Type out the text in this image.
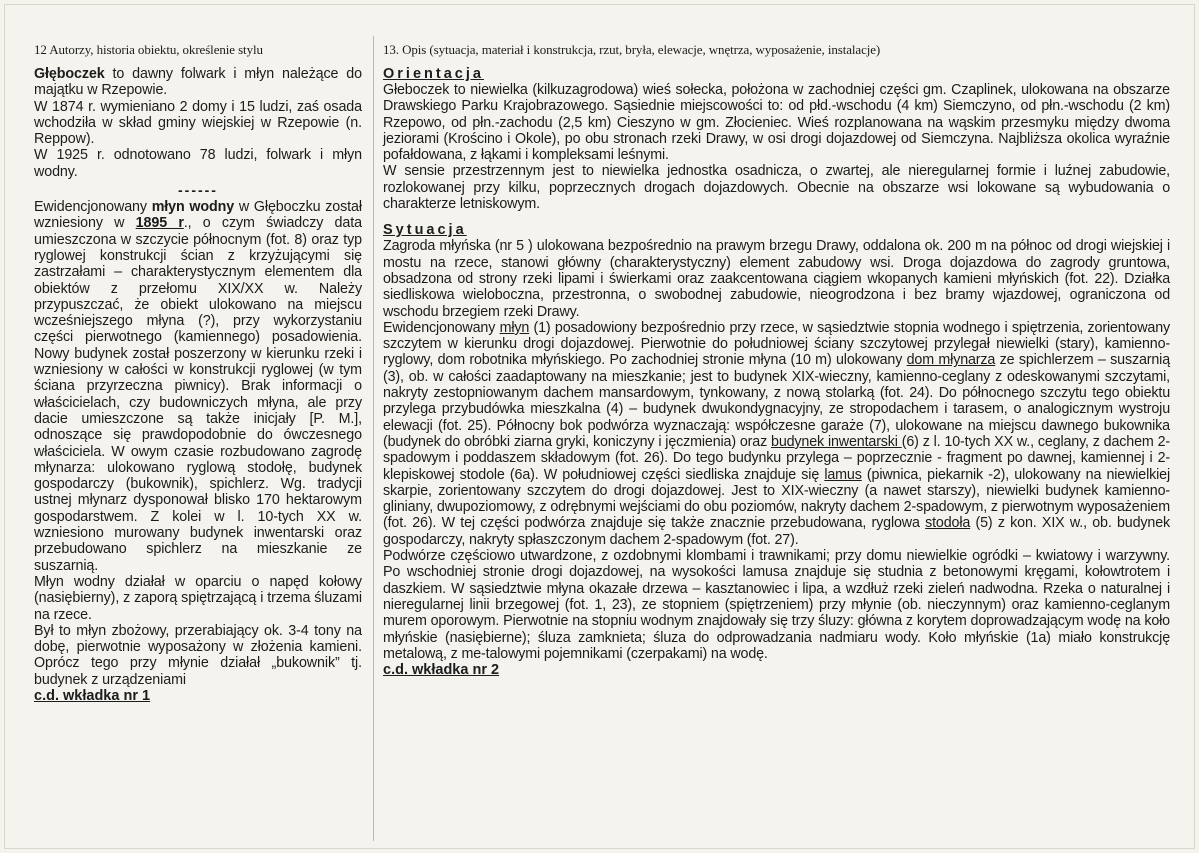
12 Autorzy, historia obiektu, określenie stylu

Głęboczek to dawny folwark i młyn należące do majątku w Rzepowie.

W 1874 r. wymieniano 2 domy i 15 ludzi, zaś osada wchodziła w skład gminy wiejskiej w Rzepowie (n. Reppow).

W 1925 r. odnotowano 78 ludzi, folwark i młyn wodny.

------

Ewidencjonowany młyn wodny w Głęboczku został wzniesiony w 1895 r., o czym świadczy data umieszczona w szczycie północnym (fot. 8) oraz typ ryglowej konstrukcji ścian z krzyżującymi się zastrzałami – charakterystycznym elementem dla obiektów z przełomu XIX/XX w. Należy przypuszczać, że obiekt ulokowano na miejscu wcześniejszego młyna (?), przy wykorzystaniu części pierwotnego (kamiennego) posadowienia. Nowy budynek został poszerzony w kierunku rzeki i wzniesiony w całości w konstrukcji ryglowej (w tym ściana przyrzeczna piwnicy). Brak informacji o właścicielach, czy budowniczych młyna, ale przy dacie umieszczone są także inicjały [P. M.], odnoszące się prawdopodobnie do ówczesnego właściciela. W owym czasie rozbudowano zagrodę młynarza: ulokowano ryglową stodołę, budynek gospodarczy (bukownik), spichlerz. Wg. tradycji ustnej młynarz dysponował blisko 170 hektarowym gospodarstwem. Z kolei w l. 10-tych XX w. wzniesiono murowany budynek inwentarski oraz przebudowano spichlerz na mieszkanie ze suszarnią.

Młyn wodny działał w oparciu o napęd kołowy (nasiębierny), z zaporą spiętrzającą i trzema śluzami na rzece.

Był to młyn zbożowy, przerabiający ok. 3-4 tony na dobę, pierwotnie wyposażony w złożenia kamieni. Oprócz tego przy młynie działał „bukownik” tj. budynek z urządzeniami

c.d. wkładka nr 1
13. Opis (sytuacja, materiał i konstrukcja, rzut, bryła, elewacje, wnętrza, wyposażenie, instalacje)
Orientacja

Głeboczek to niewielka (kilkuzagrodowa) wieś sołecka, położona w zachodniej części gm. Czaplinek, ulokowana na obszarze Drawskiego Parku Krajobrazowego. Sąsiednie miejscowości to: od płd.-wschodu (4 km) Siemczyno, od płn.-wschodu (2 km) Rzepowo, od płn.-zachodu (2,5 km) Cieszyno w gm. Złocieniec. Wieś rozplanowana na wąskim przesmyku między dwoma jeziorami (Krościno i Okole), po obu stronach rzeki Drawy, w osi drogi dojazdowej od Siemczyna. Najbliższa okolica wyraźnie pofałdowana, z łąkami i kompleksami leśnymi.

W sensie przestrzennym jest to niewielka jednostka osadnicza, o zwartej, ale nieregularnej formie i luźnej zabudowie, rozlokowanej przy kilku, poprzecznych drogach dojazdowych. Obecnie na obszarze wsi lokowane są wybudowania o charakterze letniskowym.

Sytuacja

Zagroda młyńska (nr 5 ) ulokowana bezpośrednio na prawym brzegu Drawy, oddalona ok. 200 m na północ od drogi wiejskiej i mostu na rzece, stanowi główny (charakterystyczny) element zabudowy wsi. Droga dojazdowa do zagrody gruntowa, obsadzona od strony rzeki lipami i świerkami oraz zaakcentowana ciągiem wkopanych kamieni młyńskich (fot. 22). Działka siedliskowa wieloboczna, przestronna, o swobodnej zabudowie, nieogrodzona i bez bramy wjazdowej, ograniczona od wschodu brzegiem rzeki Drawy.

Ewidencjonowany młyn (1) posadowiony bezpośrednio przy rzece, w sąsiedztwie stopnia wodnego i spiętrzenia, zorientowany szczytem w kierunku drogi dojazdowej. Pierwotnie do południowej ściany szczytowej przylegał niewielki (stary), kamienno-ryglowy, dom robotnika młyńskiego. Po zachodniej stronie młyna (10 m) ulokowany dom młynarza ze spichlerzem – suszarnią (3), ob. w całości zaadaptowany na mieszkanie; jest to budynek XIX-wieczny, kamienno-ceglany z odeskowanymi szczytami, nakryty zestopniowanym dachem mansardowym, tynkowany, z nową stolarką (fot. 24). Do północnego szczytu tego obiektu przylega przybudówka mieszkalna (4) – budynek dwukondygnacyjny, ze stropodachem i tarasem, o analogicznym wystroju elewacji (fot. 25). Północny bok podwórza wyznaczają: współczesne garaże (7), ulokowane na miejscu dawnego bukownika (budynek do obróbki ziarna gryki, koniczyny i jęczmienia) oraz budynek inwentarski (6) z l. 10-tych XX w., ceglany, z dachem 2-spadowym i poddaszem składowym (fot. 26). Do tego budynku przylega – poprzecznie - fragment po dawnej, kamiennej i 2-klepiskowej stodole (6a). W południowej części siedliska znajduje się lamus (piwnica, piekarnik -2), ulokowany na niewielkiej skarpie, zorientowany szczytem do drogi dojazdowej. Jest to XIX-wieczny (a nawet starszy), niewielki budynek kamienno-gliniany, dwupoziomowy, z odrębnymi wejściami do obu poziomów, nakryty dachem 2-spadowym, z pierwotnym wyposażeniem (fot. 26). W tej części podwórza znajduje się także znacznie przebudowana, ryglowa stodoła (5) z kon. XIX w., ob. budynek gospodarczy, nakryty spłaszczonym dachem 2-spadowym (fot. 27).

Podwórze częściowo utwardzone, z ozdobnymi klombami i trawnikami; przy domu niewielkie ogródki – kwiatowy i warzywny. Po wschodniej stronie drogi dojazdowej, na wysokości lamusa znajduje się studnia z betonowymi kręgami, kołowtrotem i daszkiem. W sąsiedztwie młyna okazałe drzewa – kasztanowiec i lipa, a wzdłuż rzeki zieleń nadwodna. Rzeka o naturalnej i nieregularnej linii brzegowej (fot. 1, 23), ze stopniem (spiętrzeniem) przy młynie (ob. nieczynnym) oraz kamienno-ceglanym murem oporowym. Pierwotnie na stopniu wodnym znajdowały się trzy śluzy: główna z korytem doprowadzającym wodę na koło młyńskie (nasiębierne); śluza zamknieta; śluza do odprowadzania nadmiaru wody. Koło młyńskie (1a) miało konstrukcję metalową, z me-talowymi pojemnikami (czerpakami) na wodę.

c.d. wkładka nr 2
